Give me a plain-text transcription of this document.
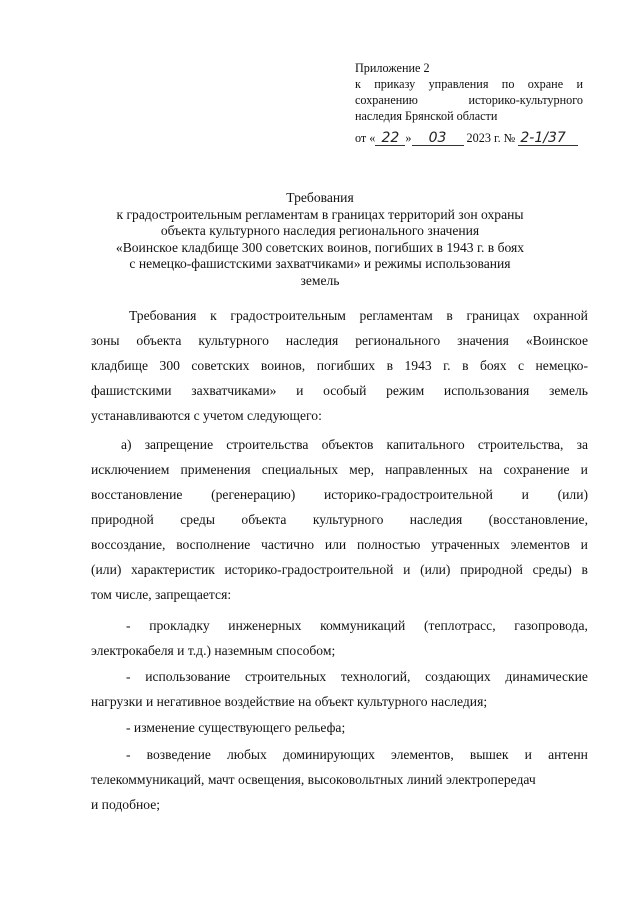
Приложение 2
к приказу управления по охране и
сохранению	историко-культурного
наследия Брянской области
от « 22 » 03 2023 г. № 2-1/37
Требования
к градостроительным регламентам в границах территорий зон охраны
объекта культурного наследия регионального значения
«Воинское кладбище 300 советских воинов, погибших в 1943 г. в боях
с немецко-фашистскими захватчиками» и режимы использования
земель
Требования к градостроительным регламентам в границах охранной
зоны объекта культурного наследия регионального значения «Воинское
кладбище 300 советских воинов, погибших в 1943 г. в боях с немецко-
фашистскими захватчиками» и особый режим использования земель
устанавливаются с учетом следующего:
а) запрещение строительства объектов капитального строительства, за
исключением применения специальных мер, направленных на сохранение и
восстановление (регенерацию) историко-градостроительной и (или)
природной среды объекта культурного наследия (восстановление,
воссоздание, восполнение частично или полностью утраченных элементов и
(или) характеристик историко-градостроительной и (или) природной среды) в
том числе, запрещается:
- прокладку инженерных коммуникаций (теплотрасс, газопровода,
электрокабеля и т.д.) наземным способом;
- использование строительных технологий, создающих динамические
нагрузки и негативное воздействие на объект культурного наследия;
- изменение существующего рельефа;
- возведение любых доминирующих элементов, вышек и антенн
телекоммуникаций, мачт освещения, высоковольтных линий электропередач
и подобное;
